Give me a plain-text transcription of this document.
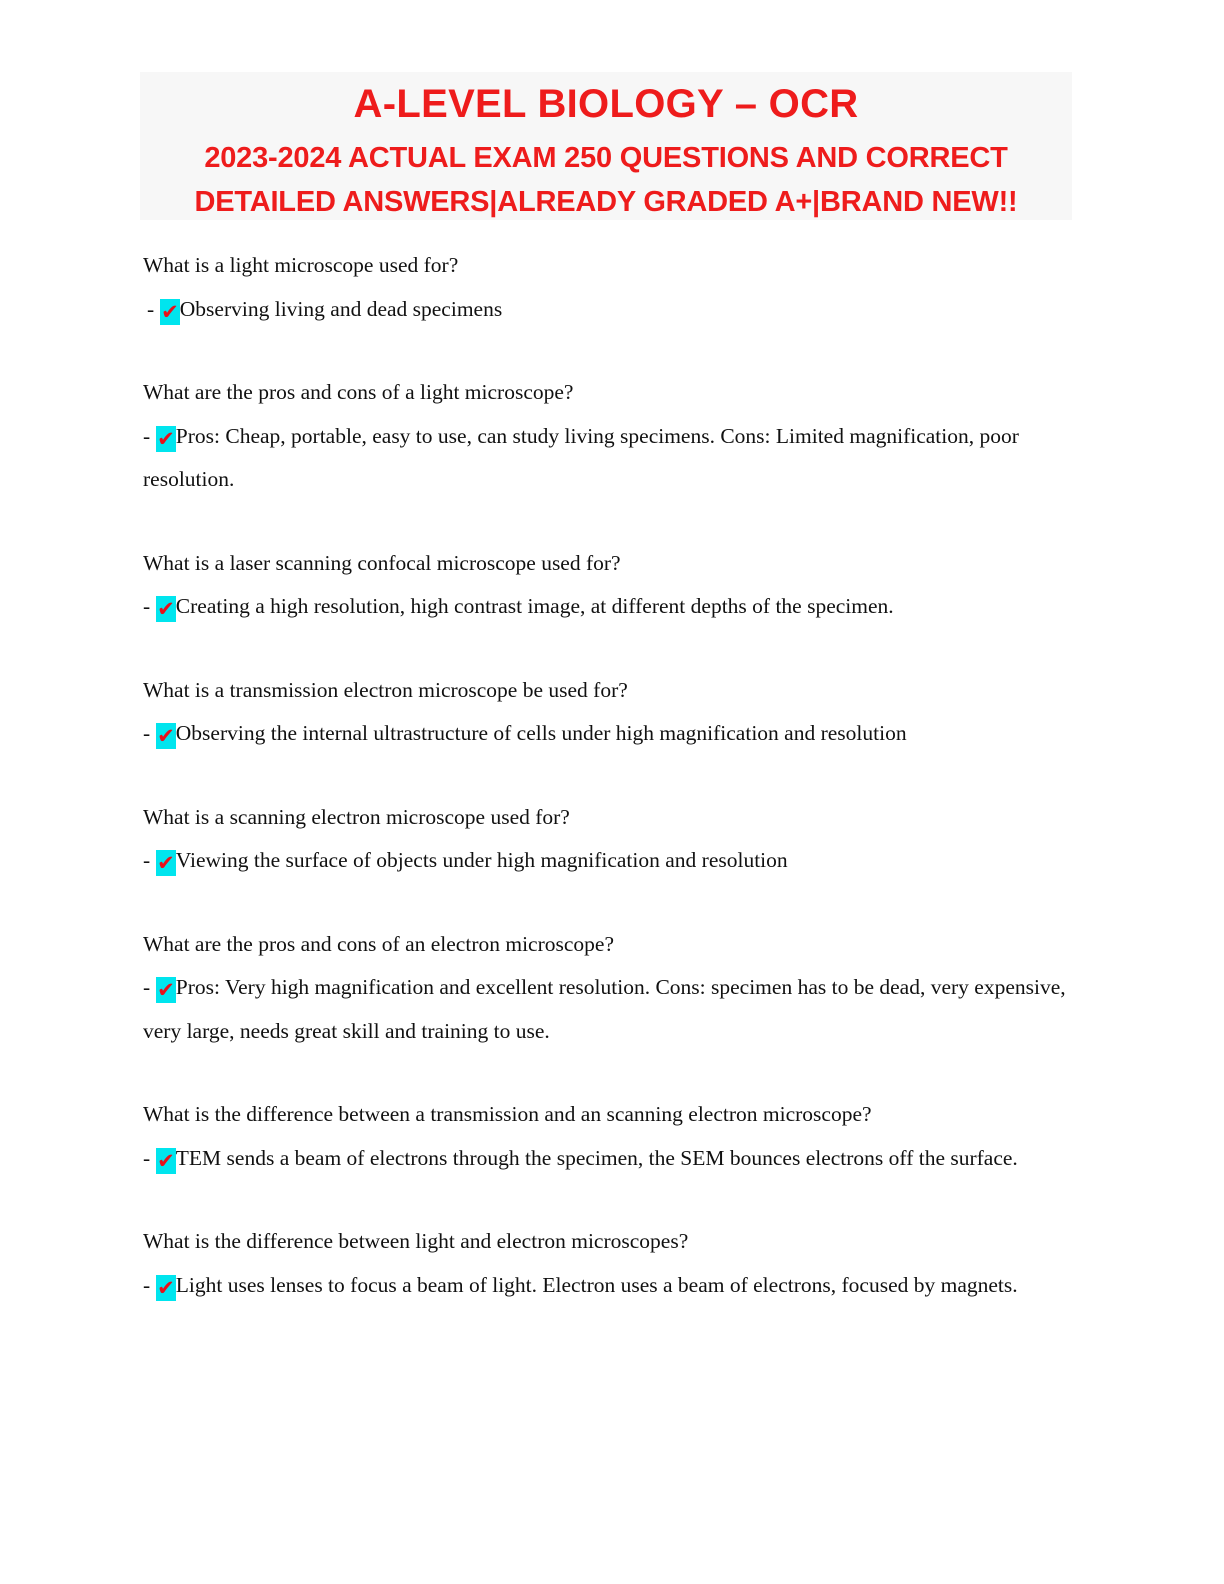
A-LEVEL BIOLOGY – OCR
2023-2024 ACTUAL EXAM 250 QUESTIONS AND CORRECT
DETAILED ANSWERS|ALREADY GRADED A+|BRAND NEW!!

What is a light microscope used for?

- ✔Observing living and dead specimens

What are the pros and cons of a light microscope?

- ✔Pros: Cheap, portable, easy to use, can study living specimens. Cons: Limited magnification, poor resolution.

What is a laser scanning confocal microscope used for?

- ✔Creating a high resolution, high contrast image, at different depths of the specimen.

What is a transmission electron microscope be used for?

- ✔Observing the internal ultrastructure of cells under high magnification and resolution

What is a scanning electron microscope used for?

- ✔Viewing the surface of objects under high magnification and resolution

What are the pros and cons of an electron microscope?

- ✔Pros: Very high magnification and excellent resolution. Cons: specimen has to be dead, very expensive, very large, needs great skill and training to use.

What is the difference between a transmission and an scanning electron microscope?

- ✔TEM sends a beam of electrons through the specimen, the SEM bounces electrons off the surface.

What is the difference between light and electron microscopes?

- ✔Light uses lenses to focus a beam of light. Electron uses a beam of electrons, focused by magnets.
